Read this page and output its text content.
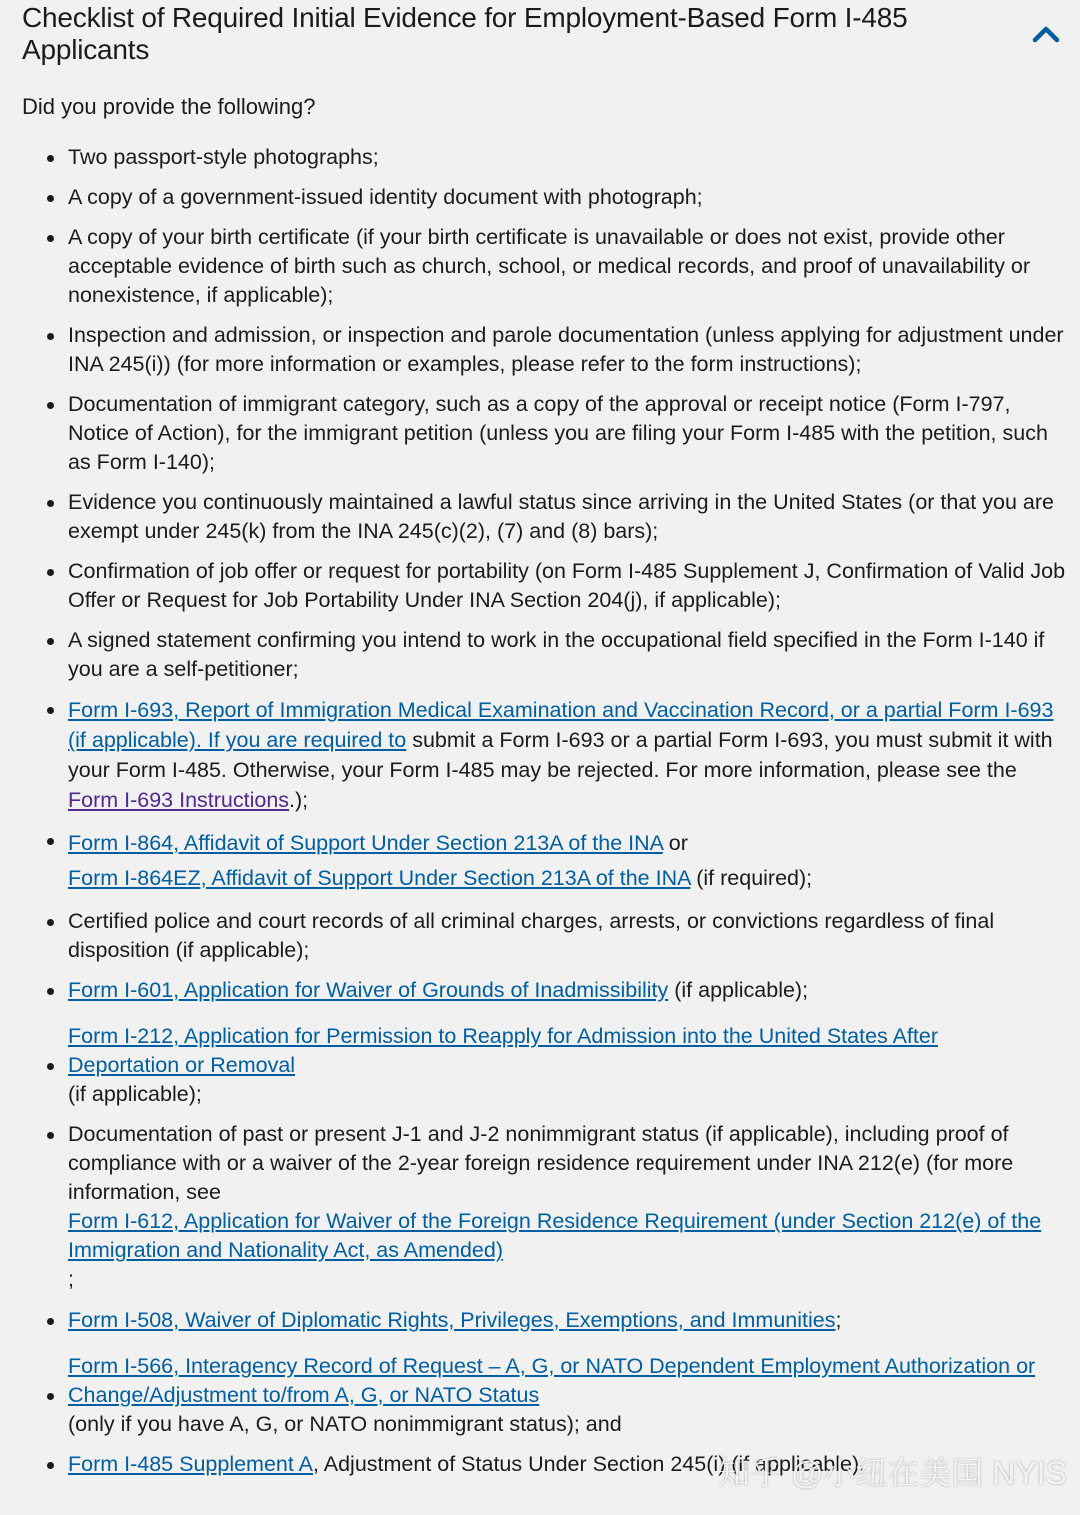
Checklist of Required Initial Evidence for Employment-Based Form I-485 Applicants

Did you provide the following?

Two passport-style photographs;
A copy of a government-issued identity document with photograph;
A copy of your birth certificate (if your birth certificate is unavailable or does not exist, provide other acceptable evidence of birth such as church, school, or medical records, and proof of unavailability or nonexistence, if applicable);
Inspection and admission, or inspection and parole documentation (unless applying for adjustment under INA 245(i)) (for more information or examples, please refer to the form instructions);
Documentation of immigrant category, such as a copy of the approval or receipt notice (Form I-797, Notice of Action), for the immigrant petition (unless you are filing your Form I-485 with the petition, such as Form I-140);
Evidence you continuously maintained a lawful status since arriving in the United States (or that you are exempt under 245(k) from the INA 245(c)(2), (7) and (8) bars);
Confirmation of job offer or request for portability (on Form I-485 Supplement J, Confirmation of Valid Job Offer or Request for Job Portability Under INA Section 204(j), if applicable);
A signed statement confirming you intend to work in the occupational field specified in the Form I-140 if you are a self-petitioner;
Form I-693, Report of Immigration Medical Examination and Vaccination Record, or a partial Form I-693 (if applicable). If you are required to submit a Form I-693 or a partial Form I-693, you must submit it with your Form I-485. Otherwise, your Form I-485 may be rejected. For more information, please see the Form I-693 Instructions.);
Form I-864, Affidavit of Support Under Section 213A of the INA or
Form I-864EZ, Affidavit of Support Under Section 213A of the INA (if required);
Certified police and court records of all criminal charges, arrests, or convictions regardless of final disposition (if applicable);
Form I-601, Application for Waiver of Grounds of Inadmissibility (if applicable);
Form I-212, Application for Permission to Reapply for Admission into the United States After Deportation or Removal
(if applicable);
Documentation of past or present J-1 and J-2 nonimmigrant status (if applicable), including proof of compliance with or a waiver of the 2-year foreign residence requirement under INA 212(e) (for more information, see
Form I-612, Application for Waiver of the Foreign Residence Requirement (under Section 212(e) of the Immigration and Nationality Act, as Amended)
;
Form I-508, Waiver of Diplomatic Rights, Privileges, Exemptions, and Immunities;
Form I-566, Interagency Record of Request – A, G, or NATO Dependent Employment Authorization or Change/Adjustment to/from A, G, or NATO Status
(only if you have A, G, or NATO nonimmigrant status); and
Form I-485 Supplement A, Adjustment of Status Under Section 245(i) (if applicable).
知乎 @小纽在美国 NYIS
